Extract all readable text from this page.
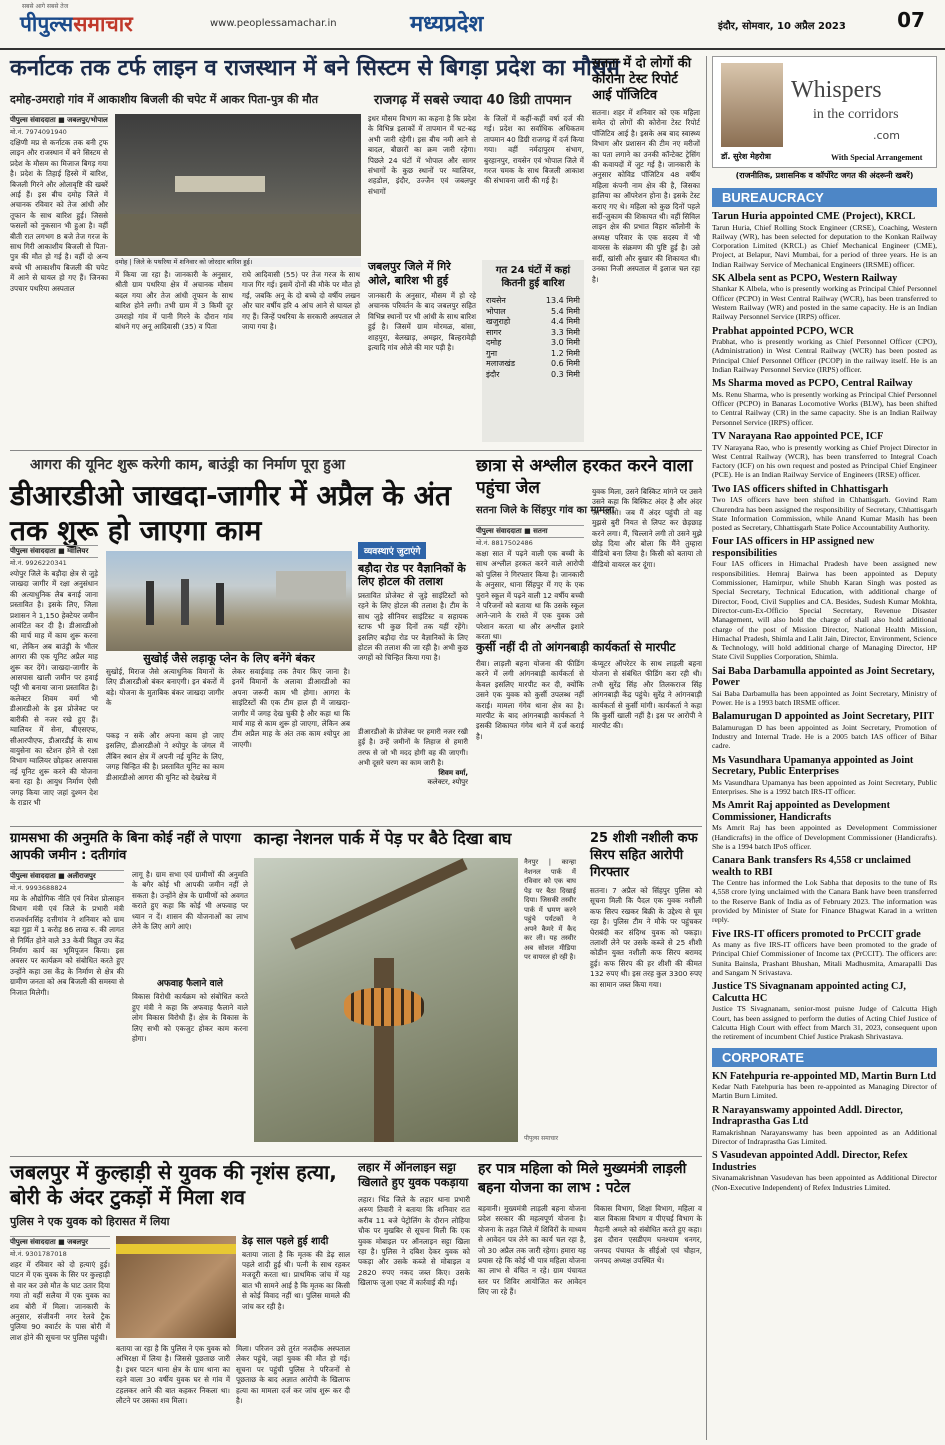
सबसे आगे सबसे तेज
पीपुल्ससमाचार	www.peoplessamachar.in	मध्यप्रदेश	इंदौर, सोमवार, 10 अप्रैल 2023	07
कर्नाटक तक टर्फ लाइन व राजस्थान में बने सिस्टम से बिगड़ा प्रदेश का मौसम
दमोह-उमराहो गांव में आकाशीय बिजली की चपेट में आकर पिता-पुत्र की मौत	राजगढ़ में सबसे ज्यादा 40 डिग्री तापमान
पीपुल्स संवाददाता ■ जबलपुर/भोपाल
मो.नं. 7974091940
दक्षिणी मप्र से कर्नाटक तक बनी ट्रफ लाइन और राजस्थान में बने सिस्टम से प्रदेश के मौसम का मिजाज बिगड़ गया है। प्रदेश के तिहाई हिस्से में बारिश, बिजली गिरने और ओलावृष्टि की खबरें आई हैं। इस बीच दमोह जिले में अचानक रविवार को तेज आंधी और तूफान के साथ बारिश हुई। जिससे फसलों को नुकसान भी हुआ है। वहीं बीती रात लगभग 8 बजे तेज गरज के साथ गिरी आकाशीय बिजली से पिता-पुत्र की मौत हो गई है। वहीं दो अन्य बच्चे भी आकाशीय बिजली की चपेट में आने से घायल हो गए हैं। जिनका उपचार पथरिया अस्पताल
दमोह | जिले के पथरिया में शनिवार को जोरदार बारिश हुई।
में किया जा रहा है। जानकारी के अनुसार, श्रीती ग्राम पथरिया क्षेत्र में अचानक मौसम बदल गया और तेज आंधी तूफान के साथ बारिश होने लगी। तभी ग्राम में 3 किमी दूर उमराहो गांव में पानी गिरने के दौरान गांव बांधने गए अनू आदिवासी (35) व पिता
राघे आदिवासी (55) पर तेज गरज के साथ गाज गिर गई। इसमें दोनों की मौके पर मौत हो गई, जबकि अनू के दो बच्चे दो वर्षीय लखन और चार वर्षीय हरि 4 आंच आने से घायल हो गए हैं। जिन्हें पथरिया के सरकारी अस्पताल ले जाया गया है।
इधर मौसम विभाग का कहना है कि प्रदेश के विभिन्न इलाकों में तापमान में घट-बढ़ अभी जारी रहेगी। इस बीच नमी आने से बादल, बौछारों का क्रम जारी रहेगा। पिछले 24 घंटों में भोपाल और सागर संभागों के कुछ स्थानों पर ग्वालियर, शहडोल, इंदौर, उज्जैन एवं जबलपुर संभागों
के जिलों में कहीं-कहीं वर्षा दर्ज की गई। प्रदेश का सर्वाधिक अधिकतम तापमान 40 डिग्री राजगढ़ में दर्ज किया गया। वहीं नर्मदापुरम संभाग, बुरहानपुर, रायसेन एवं भोपाल जिले में गरज चमक के साथ बिजली आकाश की संभावना जारी की गई है।
जबलपुर जिले में गिरे ओले, बारिश भी हुई
जानकारी के अनुसार, मौसम में हो रहे अचानक परिवर्तन के बाद जबलपुर सहित विभिन्न स्थानों पर भी आंधी के साथ बारिश हुई है। जिसमें ग्राम मोरमळ, बांसा, शाहपुरा, बेलखाड़, अमझर, बिल्हरावेड़ी इत्यादि गांव ओले की मार पड़ी है।
गत 24 घंटों में कहां कितनी हुई बारिश
रायसेन	13.4 मिमी
भोपाल	5.4 मिमी
खजुराहो	4.4 मिमी
सागर	3.3 मिमी
दमोह	3.0 मिमी
गुना	1.2 मिमी
मलाजखंड	0.6 मिमी
इंदौर	0.3 मिमी
सतना में दो लोगों की कोरोना टेस्ट रिपोर्ट आई पॉजिटिव
सतना। शहर में शनिवार को एक महिला समेत दो लोगों की कोरोना टेस्ट रिपोर्ट पॉजिटिव आई है। इसके अब बाद स्वास्थ्य विभाग और प्रशासन की टीम नए मरीजों का पता लगाने का उनकी कॉन्टेक्ट ट्रेसिंग की कवायदों में जुट गई है। जानकारी के अनुसार कोविड पॉजिटिव 48 वर्षीय महिला कंपनी नाम क्षेत्र की है, जिसका हालिया का ऑपरेशन होना है। इसके टेस्ट कराए गए थे। महिला को कुछ दिनों पहले सर्दी-जुकाम की शिकायत थी। वहीं सिविल लाइन क्षेत्र की प्रभात विहार कॉलोनी के अध्यक्ष परिवार के एक सदस्य में भी वायरस के संक्रमण की पुष्टि हुई है। उसे सर्दी, खांसी और बुखार की शिकायत थी। उनका निजी अस्पताल में इलाज चल रहा है।
आगरा की यूनिट शुरू करेगी काम, बाउंड्री का निर्माण पूरा हुआ
डीआरडीओ जाखदा-जागीर में अप्रैल के अंत तक शुरू हो जाएगा काम
पीपुल्स संवाददाता ■ ग्वालियर
मो.नं. 9926220341
श्योपुर जिले के बड़ौदा क्षेत्र से जुड़े जाखदा जागीर में रक्षा अनुसंधान की अत्याधुनिक लैब बनाई जाना प्रस्तावित है। इसके लिए, जिला प्रशासन ने 1,150 हेक्टेयर जमीन आवंटित कर दी है। डीआरडीओ की मार्च माह में काम शुरू करना था, लेकिन अब बाउंड्री के भीतर आगरा की एक यूनिट अप्रैल माह शुरू कर देंगे। जाखदा-जागीर के आसपास खाली जमीन पर हवाई पट्टी भी बनाया जाना प्रस्तावित है। कलेक्टर शिवम वर्मा भी डीआरडीओ के इस प्रोजेक्ट पर बारीकी से नजर रखे हुए हैं। ग्वालियर में सेना, बीएसएफ, सीआरपीएफ, डीआरडीई के साथ वायुसेना का स्टेशन होने से रक्षा विभाग ग्वालियर छोड़कर आसपास नई यूनिट शुरू करने की योजना बना रहा है। आयुध निर्माण ऐसी जगह किया जाए जहां दुश्मन देश के राडार भी
सुखोई जैसे लड़ाकू प्लेन के लिए बनेंगे बंकर
सुखोई, मिराज जैसे अत्याधुनिक विमानों के लिए डीआरडीओ बंकर बनाएगी। इन बंकरों में बड़े। योजना के मुताबिक बंकर जाखदा जागीर के
लेकर सवाईवाड़ तक तैयार किए जाना है। इनमें विमानों के अलावा डीआरडीओ का अपना जरूरी काम भी होगा। आगरा के साइंटिस्टों की एक टीम हाल ही में जाखदा-जागीर में जगह देख चुकी है और कहा था कि मार्च माह से काम शुरू हो जाएगा, लेकिन अब टीम अप्रैल माह के अंत तक काम श्योपुर आ जाएगी।
पकड़ न सकें और अपना काम हो जाए इसलिए, डीआरडीओ ने श्योपुर के जंगल में लैंबिन स्थान क्षेत्र में अपनी नई यूनिट के लिए, जगह चिन्हित की है। प्रस्तावित यूनिट का काम डीआरडीओ आगरा की यूनिट को देखरेख में
व्यवस्थाएं जुटाएंगे
बड़ौदा रोड पर वैज्ञानिकों के लिए होटल की तलाश
प्रस्तावित प्रोजेक्ट से जुड़े साइंटिस्टों को रहने के लिए होटल की तलाश है। टीम के साथ जुड़े सीनियर साइंटिस्ट व सहायक स्टाफ भी कुछ दिनों तक यहीं रहेंगे। इसलिए बड़ौदा रोड पर वैज्ञानिकों के लिए होटल की तलाश की जा रही है। अभी कुछ जगहों को चिन्हित किया गया है।
डीआरडीओ के प्रोजेक्ट पर हमारी नजर रखी हुई है। उन्हें जमीनों के लिहाज से हमारी तरफ से जो भी मदद होगी वह की जाएगी। अभी दूसरे चरण का काम जारी है।
शिवम वर्मा,
कलेक्टर, श्योपुर
छात्रा से अश्लील हरकत करने वाला पहुंचा जेल
सतना जिले के सिंहपुर गांव का मामला
पीपुल्स संवाददाता ■ सतना
मो.नं. 8817502486
कक्षा सात में पढ़ने वाली एक बच्ची के साथ अश्लील हरकत करने वाले आरोपी को पुलिस ने गिरफ्तार किया है। जानकारी के अनुसार, थाना सिंहपुर में गए के एक पुराने स्कूल में पढ़ने वाली 12 वर्षीय बच्ची ने परिजनों को बताया था कि उसके स्कूल आने-जाने के रास्ते में एक युवक उसे परेशान करता था और अश्लील इशारे करता था।
युवक मिला, उसने बिस्किट मांगने पर उसने उसने कहा कि बिस्किट अंदर है और अंदर आ जाओ। जब मैं अंदर पहुंची तो वह मुझसे बुरी नियत से लिपट कर छेड़छाड़ करने लगा। मैं, चिल्लाने लगी तो उसने मुझे छोड़ दिया और बोला कि मैंने तुम्हारा वीडियो बना लिया है। किसी को बताया तो वीडियो वायरल कर दूंगा।
कुर्सी नहीं दी तो आंगनबाड़ी कार्यकर्ता से मारपीट
रीवा। लाड़ली बहना योजना की फीडिंग करने में लगी आंगनबाड़ी कार्यकर्ता से केवल इसलिए मारपीट कर दी, क्योंकि उसने एक युवक को कुर्सी उपलब्ध नहीं कराई। मामला गंगेव थाना क्षेत्र का है। मारपीट के बाद आंगनबाड़ी कार्यकर्ता ने इसकी शिकायत गंगेव थाने में दर्ज कराई है।
कंप्यूटर ऑपरेटर के साथ लाड़ली बहना योजना से संबंधित फीडिंग करा रही थी। तभी सुरेंद्र सिंह और तिलकराज सिंह आंगनबाड़ी केंद्र पहुंचे। सुरेंद्र ने आंगनबाड़ी कार्यकर्ता से कुर्सी मांगी। कार्यकर्ता ने कहा कि कुर्सी खाली नहीं है। इस पर आरोपी ने मारपीट की।
ग्रामसभा की अनुमति के बिना कोई नहीं ले पाएगा आपकी जमीन : दतीगांव
पीपुल्स संवाददाता ■ अलीराजपुर
मो.नं. 9993688824
मप्र के औद्योगिक नीति एवं निवेश प्रोत्साहन विभाग मंत्री एवं जिले के प्रभारी मंत्री राजवर्धनसिंह दत्तीगांव ने शनिवार को ग्राम बड़ा गुड़ा में 1 करोड़ 86 लाख रु. की लागत से निर्मित होने वाले 33 केवी विद्युत उप केंद्र निर्माण कार्य का भूमिपूजन किया। इस अवसर पर कार्यक्रम को संबोधित करते हुए उन्होंने कहा उस केंद्र के निर्माण से क्षेत्र की ग्रामीण जनता को अब बिजली की समस्या से निजात मिलेगी।
लागू है। ग्राम सभा एवं ग्रामीणों की अनुमति के बगैर कोई भी आपकी जमीन नहीं ले सकता है। उन्होंने क्षेत्र के ग्रामीणों को अवगत कराते हुए कहा कि कोई भी अफवाह पर ध्यान न दें। शासन की योजनाओं का लाभ लेने के लिए आगे आएं।
अफवाह फैलाने वाले
विकास विरोधी कार्यक्रम को संबोधित करते हुए मंत्री ने कहा कि अफवाह फैलाने वाले लोग विकास विरोधी हैं। क्षेत्र के विकास के लिए सभी को एकजुट होकर काम करना होगा।
कान्हा नेशनल पार्क में पेड़ पर बैठे दिखा बाघ
नैनपुर | कान्हा नेशनल पार्क में रविवार को एक बाघ पेड़ पर बैठा दिखाई दिया। जिसकी तस्वीर पार्क में भ्रमण करने पहुंचे पर्यटकों ने अपने कैमरे में कैद कर ली। यह तस्वीर अब सोशल मीडिया पर वायरल हो रही है।
पीपुल्स समाचार
25 शीशी नशीली कफ सिरप सहित आरोपी गिरफ्तार
सतना। 7 अप्रैल को सिंहपुर पुलिस को सूचना मिली कि पैदल एक युवक नशीली कफ सिरप रखकर बिक्री के उद्देश्य से घूम रहा है। पुलिस टीम ने मौके पर पहुंचकर घेराबंदी कर संदिग्ध युवक को पकड़ा। तलाशी लेने पर उसके कब्जे से 25 शीशी कोडीन युक्त नशीली कफ सिरप बरामद हुई। कफ सिरप की हर शीशी की कीमत 132 रुपए थी। इस तरह कुल 3300 रुपए का सामान जब्त किया गया।
जबलपुर में कुल्हाड़ी से युवक की नृशंस हत्या, बोरी के अंदर टुकड़ों में मिला शव
पुलिस ने एक युवक को हिरासत में लिया
पीपुल्स संवाददाता ■ जबलपुर
मो.नं. 9301787018
शहर में रविवार को दो हत्याएं हुई। पाटन में एक युवक के सिर पर कुल्हाड़ी से वार कर उसे मौत के घाट उतार दिया गया तो वहीं सलैया में एक युवक का शव बोरी में मिला। जानकारी के अनुसार, संजीवनी नगर रेलवे ट्रैक पुलिया 90 क्वार्टर के पास बोरी में लाश होने की सूचना पर पुलिस पहुंची।
डेढ़ साल पहले हुई शादी
बताया जाता है कि मृतक की डेढ़ साल पहले शादी हुई थी। पत्नी के साथ रहकर मजदूरी करता था। प्राथमिक जांच में यह बात भी सामने आई है कि मृतक का किसी से कोई विवाद नहीं था। पुलिस मामले की जांच कर रही है।
बताया जा रहा है कि पुलिस ने एक युवक को अभिरक्षा में लिया है। जिससे पूछताछ जारी है। इधर पाटन थाना क्षेत्र के ग्राम थाना का रहने वाला 30 वर्षीय युवक घर से गांव में टहलकर आने की बात कहकर निकला था। लौटने पर उसका शव मिला।
मिला। परिजन उसे तुरंत नजदीक अस्पताल लेकर पहुंचे, जहां युवक की मौत हो गई। सूचना पर पहुंची पुलिस ने परिजनों से पूछताछ के बाद अज्ञात आरोपी के खिलाफ हत्या का मामला दर्ज कर जांच शुरू कर दी है।
लहार में ऑनलाइन सट्टा खिलाते हुए युवक पकड़ाया
लहार। भिंड जिले के लहार थाना प्रभारी अरुण तिवारी ने बताया कि शनिवार रात करीब 11 बजे पेट्रोलिंग के दौरान लोहिया चौक पर मुखबिर से सूचना मिली कि एक युवक मोबाइल पर ऑनलाइन सट्टा खिला रहा है। पुलिस ने दबिश देकर युवक को पकड़ा और उसके कब्जे से मोबाइल व 2820 रुपए नकद जब्त किए। उसके खिलाफ जुआ एक्ट में कार्रवाई की गई।
हर पात्र महिला को मिले मुख्यमंत्री लाड़ली बहना योजना का लाभ : पटेल
बड़वानी। मुख्यमंत्री लाड़ली बहना योजना प्रदेश सरकार की महत्वपूर्ण योजना है। योजना के तहत जिले में शिविरों के माध्यम से आवेदन पत्र लेने का कार्य चल रहा है, जो 30 अप्रैल तक जारी रहेगा। हमारा यह प्रयास रहे कि कोई भी पात्र महिला योजना का लाभ से वंचित न रहे। ग्राम पंचायत स्तर पर शिविर आयोजित कर आवेदन लिए जा रहे हैं।
विकास विभाग, शिक्षा विभाग, महिला व बाल विकास विभाग व पीएचई विभाग के मैदानी अमले को संबोधित करते हुए कहा। इस दौरान एसडीएम घनश्याम धनगर, जनपद पंचायत के सीईओ एवं चौहान, जनपद अध्यक्ष उपस्थित थे।
Whispers
in the corridors
.com
डॉ. सुरेश मेहरोत्रा	With Special Arrangement
(राजनीतिक, प्रशासनिक व कॉर्पोरेट जगत की अंदरूनी खबरें)
BUREAUCRACY
Tarun Huria appointed CME (Project), KRCL
Tarun Huria, Chief Rolling Stock Engineer (CRSE), Coaching, Western Railway (WR), has been selected for deputation to the Konkan Railway Corporation Limited (KRCL) as Chief Mechanical Engineer (CME), Project, at Belapur, Navi Mumbai, for a period of three years. He is an Indian Railway Service of Mechanical Engineers (IRSME) officer.
SK Albela sent as PCPO, Western Railway
Shankar K Albela, who is presently working as Principal Chief Personnel Officer (PCPO) in West Central Railway (WCR), has been transferred to Western Railway (WR) and posted in the same capacity. He is an Indian Railway Personnel Service (IRPS) officer.
Prabhat appointed PCPO, WCR
Prabhat, who is presently working as Chief Personnel Officer (CPO), (Administration) in West Central Railway (WCR) has been posted as Principal Chief Personnel Officer (PCOP) in the railway itself. He is an Indian Railway Personnel Service (IRPS) officer.
Ms Sharma moved as PCPO, Central Railway
Ms. Renu Sharma, who is presently working as Principal Chief Personnel Officer (PCPO) in Banaras Locomotive Works (BLW), has been shifted to Central Railway (CR) in the same capacity. She is an Indian Railway Personnel Service (IRPS) officer.
TV Narayana Rao appointed PCE, ICF
TV Narayana Rao, who is presently working as Chief Project Director in West Central Railway (WCR), has been transferred to Integral Coach Factory (ICF) on his own request and posted as Principal Chief Engineer (PCE). He is an Indian Railway Service of Engineers (IRSE) officer.
Two IAS officers shifted in Chhattisgarh
Two IAS officers have been shifted in Chhattisgarh. Govind Ram Churendra has been assigned the responsibility of Secretary, Chhattisgarh State Information Commission, while Anand Kumar Masih has been posted as Secretary, Chhattisgarh State Police Accountability Authority.
Four IAS officers in HP assigned new responsibilities
Four IAS officers in Himachal Pradesh have been assigned new responsibilities. Hemraj Bairwa has been appointed as Deputy Commissioner, Hamirpur, while Shubh Karan Singh was posted as Special Secretary, Technical Education, with additional charge of Director, Food, Civil Supplies and CA. Besides, Sudesh Kumar Mokhta, Director-cum-Ex-Officio Special Secretary, Revenue Disaster Management, will also hold the charge of shall also hold additional charge of the post of Mission Director, National Health Mission, Himachal Pradesh, Shimla and Lalit Jain, Director, Environment, Science & Technology, will hold additional charge of Managing Director, HP State Civil Supplies Corporation, Shimla.
Sai Baba Darbamulla appointed as Joint Secretary, Power
Sai Baba Darbamulla has been appointed as Joint Secretary, Ministry of Power. He is a 1993 batch IRSME officer.
Balamurugan D appointed as Joint Secretary, PIIT
Balamurugan D has been appointed as Joint Secretary, Promotion of Industry and Internal Trade. He is a 2005 batch IAS officer of Bihar cadre.
Ms Vasundhara Upamanya appointed as Joint Secretary, Public Enterprises
Ms Vasundhara Upamanya has been appointed as Joint Secretary, Public Enterprises. She is a 1992 batch IRS-IT officer.
Ms Amrit Raj appointed as Development Commissioner, Handicrafts
Ms Amrit Raj has been appointed as Development Commissioner (Handicrafts) in the office of Development Commissioner (Handicrafts). She is a 1994 batch IPoS officer.
Canara Bank transfers Rs 4,558 cr unclaimed wealth to RBI
The Centre has informed the Lok Sabha that deposits to the tune of Rs 4,558 crore lying unclaimed with the Canara Bank have been transferred to the Reserve Bank of India as of February 2023. The information was provided by Minister of State for Finance Bhagwat Karad in a written reply.
Five IRS-IT officers promoted to PrCCIT grade
As many as five IRS-IT officers have been promoted to the grade of Principal Chief Commissioner of Income tax (PrCCIT). The officers are: Sunita Bainsla, Prashant Bhushan, Mitali Madhusmita, Amarapalli Das and Sangam N Srivastava.
Justice TS Sivagnanam appointed acting CJ, Calcutta HC
Justice TS Sivagnanam, senior-most puisne Judge of Calcutta High Court, has been assigned to perform the duties of Acting Chief Justice of Calcutta High Court with effect from March 31, 2023, consequent upon the retirement of incumbent Chief Justice Prakash Shrivastava.
CORPORATE
KN Fatehpuria re-appointed MD, Martin Burn Ltd
Kedar Nath Fatehpuria has been re-appointed as Managing Director of Martin Burn Limited.
R Narayanswamy appointed Addl. Director, Indraprastha Gas Ltd
Ramakrishnan Narayanswamy has been appointed as an Additional Director of Indraprastha Gas Limited.
S Vasudevan appointed Addl. Director, Refex Industries
Sivanamakrishnan Vasudevan has been appointed as Additional Director (Non-Executive Independent) of Refex Industries Limited.
